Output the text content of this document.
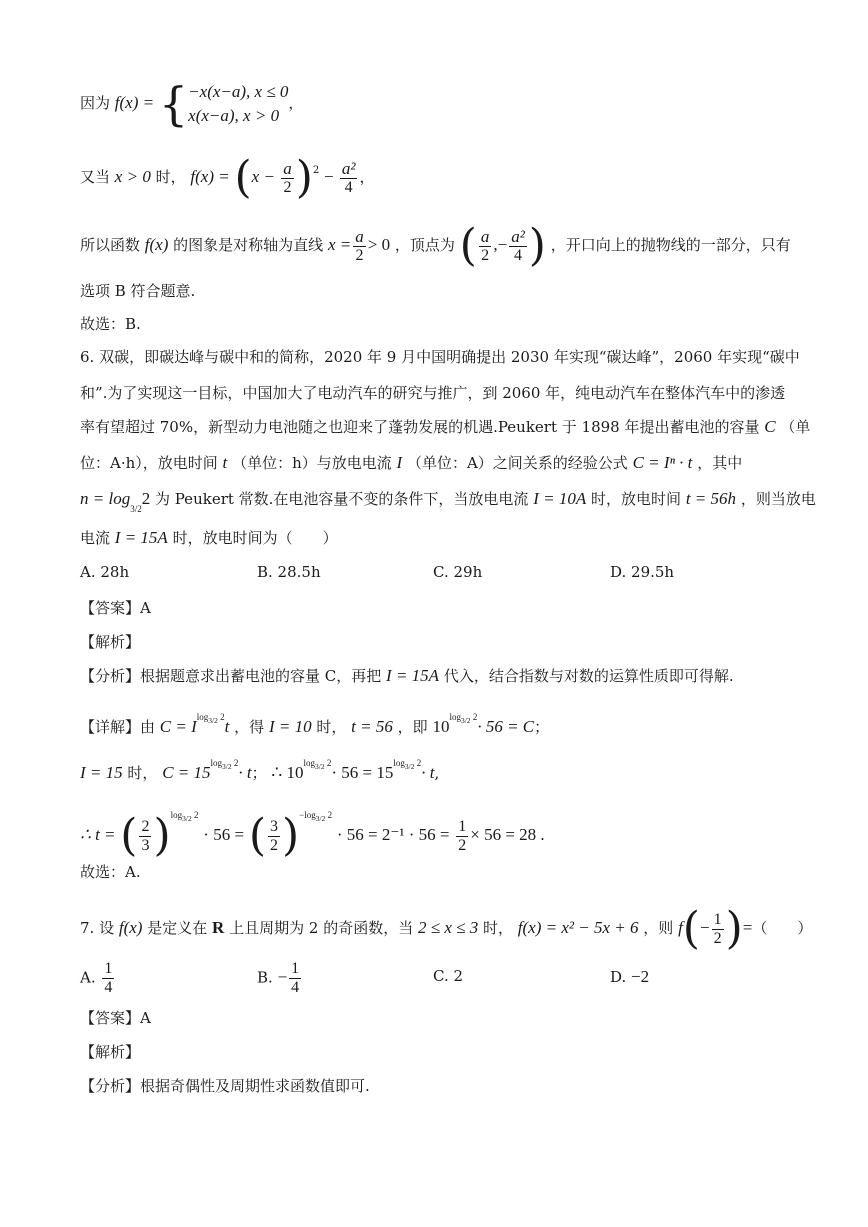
因为 f(x) = { −x(x−a), x ≤ 0
x(x−a), x > 0
，
又当 x > 0 时， $f(x) = (x - \frac{a}{2} )^2 - \frac{\text{a²}}{4}$ ，
所以函数 f(x) 的图象是对称轴为直线 $x = \frac{a}{2} > 0$ ，顶点为 ( $\frac{a}{2}$ ,− $\frac{\text{a²}}{4}$ ) ，开口向上的抛物线的一部分，只有
选项 B 符合题意.
故选：B.
6. 双碳，即碳达峰与碳中和的简称，2020 年 9 月中国明确提出 2030 年实现“碳达峰”，2060 年实现“碳中
和”.为了实现这一目标，中国加大了电动汽车的研究与推广，到 2060 年，纯电动汽车在整体汽车中的渗透
率有望超过 70%，新型动力电池随之也迎来了蓬勃发展的机遇.Peukert 于 1898 年提出蓄电池的容量 C （单
位：A·h），放电时间 t （单位：h）与放电电流 I （单位：A）之间关系的经验公式 C = Iⁿ · t ，其中
$n = \log_{3/2}2$ 为 Peukert 常数.在电池容量不变的条件下，当放电电流 I = 10A 时，放电时间 t = 56h ，则当放电
电流 I = 15A 时，放电时间为（　　）
A. 28h	B. 28.5h	C. 29h	D. 29.5h
【答案】A
【解析】
【分析】根据题意求出蓄电池的容量 C，再把 I = 15A 代入，结合指数与对数的运算性质即可得解.
【详解】由 $C = I^{log_{3/2} 2}t$ ，得 I = 10 时， t = 56 ，即 $10^{log_{3/2} 2}\cdot 56 = C$；
I = 15 时， $C = 15^{log_{3/2} 2}\cdot t$； ∴ $10^{log_{3/2} 2}\cdot 56 = 15^{log_{3/2} 2}\cdot t$,
∴ t = ( $\frac{2}{3} )^{log_{3/2} 2} \cdot 56$ = ( $\frac{3}{2} )^{-log_{3/2} 2} \cdot 56 = 2^{-1} \cdot 56 = \frac{1}{2} \times 56 = 28$ .
故选：A.
7. 设 f(x) 是定义在 R 上且周期为 2 的奇函数，当 2 ≤ x ≤ 3 时， f(x) = x² − 5x + 6 ，则 $f(- \frac{1}{2}$ )=（　　）
A. $\frac{1}{4}$	B. − $\frac{1}{4}$	C. 2	D. −2
【答案】A
【解析】
【分析】根据奇偶性及周期性求函数值即可.
